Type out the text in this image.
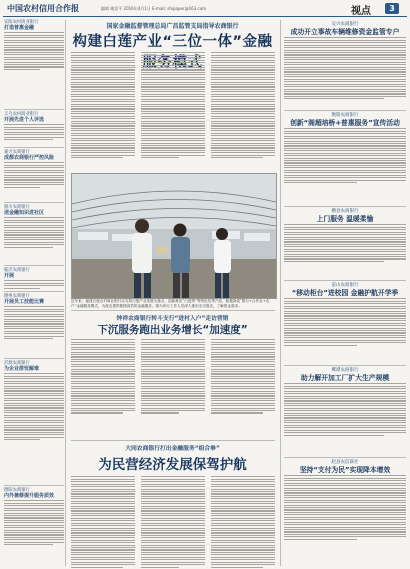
中国农村信用合作报	编辑 谢雷平 2016年4月1日 E-mail: shipaper@163.com	视点	3
安阳农村商业银行
打造普惠金融
义乌农村商业银行
开展先进个人评选
嘉兴农商银行
成都农商银行严控风险
银川农商银行
送金融知识进社区
临沂农商银行
开展
德州农商银行
开展员工技能比赛
沂源农商银行
为企业排忧解难
德阳农商银行
内外兼修提升服务质效
国家金融监督管理总局广昌监管支局指导农商银行
构建白莲产业“三位一体”金融
近年来，福建白莲农村商业银行以支持白莲产业发展为重点，创新推出“白莲贷”等特色信贷产品，积极探索“银行+合作社+农户”金融服务模式，为莲农提供便捷高效的金融服务。图为该行工作人员深入莲田走访莲农，了解资金需求。
钟祥农商银行转斗支行“进村入户”走访营销
下沉服务跑出业务增长“加速度”
大同农商银行打出金融服务“组合拳”
为民营经济发展保驾护航
吴兴农商银行
成功开立事故车辆维修资金监管专户
衡阳农商银行
创新“阁超培桥+普惠服务”宣传活动
横县农商银行
上门服务 温暖柔愉
雷山农商银行
“移动柜台”进校园 金融护航开学季
鹰潭农商银行
助力解开加工厂扩大生产规模
赵县农信联社
坚持“支付为民”实现降本增效
